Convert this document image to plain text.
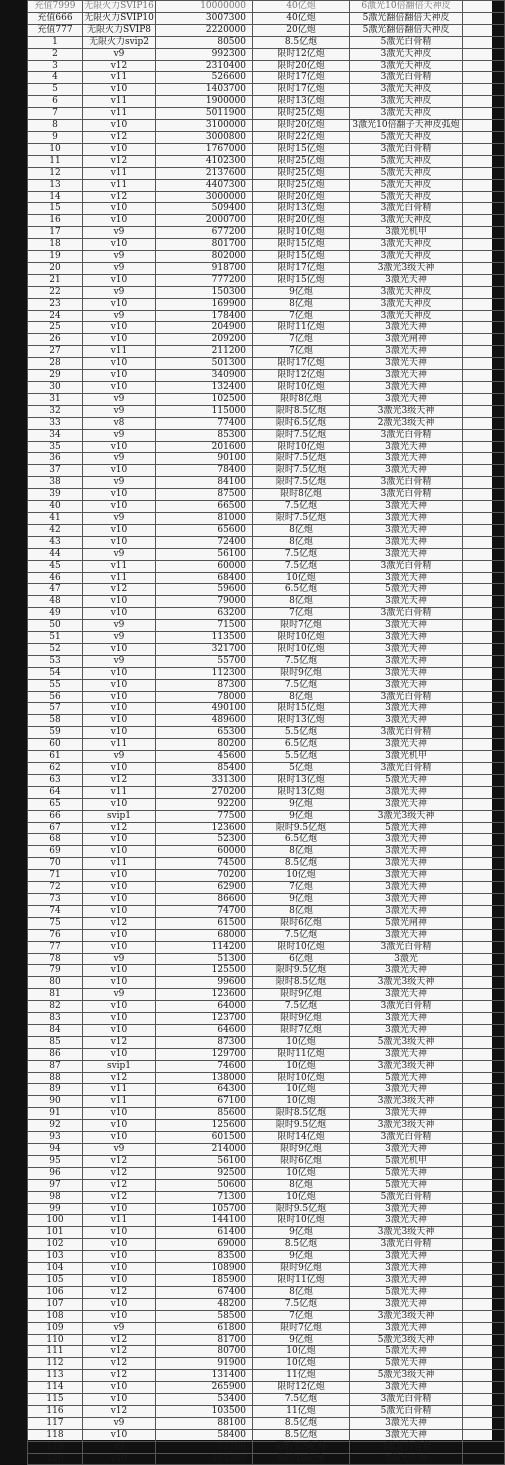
充值7999	无限火力SVIP16	10000000	40亿炮	6激光10倍翻倍天神皮	
充值666	无限火力SVIP10	3007300	40亿炮	5激光翻倍翻倍天神皮	
充值777	无限火力SVIP8	2220000	20亿炮	5激光翻倍翻倍天神皮	
1	无限火力svip2	80500	8.5亿炮	5激光白骨精	
2	v9	992300	限时12亿炮	3激光天神皮	
3	v12	2310400	限时20亿炮	3激光天神皮	
4	v11	526600	限时17亿炮	3激光白骨精	
5	v10	1403700	限时17亿炮	3激光天神皮	
6	v11	1900000	限时13亿炮	3激光天神皮	
7	v11	5011900	限时25亿炮	3激光天神皮	
8	v10	3100000	限时20亿炮	3激光10倍翻子天神皮弧炮	
9	v12	3000800	限时22亿炮	5激光天神皮	
10	v10	1767000	限时15亿炮	3激光白骨精	
11	v12	4102300	限时25亿炮	5激光天神皮	
12	v11	2137600	限时25亿炮	5激光天神皮	
13	v11	4407300	限时25亿炮	5激光天神皮	
14	v12	3000000	限时20亿炮	5激光天神皮	
15	v10	509400	限时13亿炮	3激光白骨精	
16	v10	2000700	限时20亿炮	3激光天神皮	
17	v9	677200	限时10亿炮	3激光机甲	
18	v10	801700	限时15亿炮	3激光天神皮	
19	v9	802000	限时15亿炮	3激光天神皮	
20	v9	918700	限时17亿炮	3激光3级天神	
21	v10	777200	限时15亿炮	3激光天神	
22	v9	150300	9亿炮	3激光天神皮	
23	v10	169900	8亿炮	3激光天神皮	
24	v9	178400	7亿炮	3激光天神皮	
25	v10	204900	限时11亿炮	3激光天神	
26	v10	209200	7亿炮	3激光闸神	
27	v11	211200	7亿炮	3激光天神	
28	v10	501300	限时17亿炮	3激光天神	
29	v10	340900	限时12亿炮	3激光天神	
30	v10	132400	限时10亿炮	3激光天神	
31	v9	102500	限时8亿炮	3激光天神	
32	v9	115000	限时8.5亿炮	3激光3级天神	
33	v8	77400	限时6.5亿炮	2激光3级天神	
34	v9	85300	限时7.5亿炮	3激光白骨精	
35	v10	201600	限时10亿炮	3激光天神	
36	v9	90100	限时7.5亿炮	3激光天神	
37	v10	78400	限时7.5亿炮	3激光天神	
38	v9	84100	限时7.5亿炮	3激光白骨精	
39	v10	87500	限时8亿炮	3激光白骨精	
40	v10	66500	7.5亿炮	3激光天神	
41	v9	81000	限时7.5亿炮	3激光天神	
42	v10	65600	8亿炮	3激光天神	
43	v10	72400	8亿炮	3激光天神	
44	v9	56100	7.5亿炮	3激光天神	
45	v11	60000	7.5亿炮	3激光白骨精	
46	v11	68400	10亿炮	3激光天神	
47	v12	59600	6.5亿炮	5激光天神	
48	v10	79000	8亿炮	3激光天神	
49	v10	63200	7亿炮	3激光白骨精	
50	v9	71500	限时7亿炮	3激光天神	
51	v9	113500	限时10亿炮	3激光天神	
52	v10	321700	限时10亿炮	3激光天神	
53	v9	55700	7.5亿炮	3激光天神	
54	v10	112300	限时9亿炮	3激光天神	
55	v10	87300	7.5亿炮	3激光天神	
56	v10	78000	8亿炮	3激光白骨精	
57	v10	490100	限时15亿炮	3激光天神	
58	v10	489600	限时13亿炮	3激光天神	
59	v10	65300	5.5亿炮	3激光白骨精	
60	v11	80200	6.5亿炮	3激光天神	
61	v9	45600	5.5亿炮	3激光机甲	
62	v10	85400	5亿炮	3激光白骨精	
63	v12	331300	限时13亿炮	5激光天神	
64	v11	270200	限时13亿炮	3激光天神	
65	v10	92200	9亿炮	3激光天神	
66	svip1	77500	9亿炮	3激光3级天神	
67	v12	123600	限时9.5亿炮	5激光天神	
68	v10	52300	6.5亿炮	3激光天神	
69	v10	60000	8亿炮	3激光天神	
70	v11	74500	8.5亿炮	3激光天神	
71	v10	70200	10亿炮	3激光天神	
72	v10	62900	7亿炮	3激光天神	
73	v10	86600	9亿炮	3激光天神	
74	v10	74700	8亿炮	3激光天神	
75	v12	61500	限时6亿炮	5激光闸神	
76	v10	68000	7.5亿炮	3激光天神	
77	v10	114200	限时10亿炮	3激光白骨精	
78	v9	51300	6亿炮	3激光	
79	v10	125500	限时9.5亿炮	3激光天神	
80	v10	99600	限时8.5亿炮	3激光3级天神	
81	v9	123600	限时9亿炮	3激光天神	
82	v10	64000	7.5亿炮	3激光白骨精	
83	v10	123700	限时9亿炮	3激光天神	
84	v10	64600	限时7亿炮	3激光天神	
85	v12	87300	10亿炮	5激光3级天神	
86	v10	129700	限时11亿炮	3激光天神	
87	svip1	74600	10亿炮	3激光3级天神	
88	v12	138000	限时10亿炮	5激光天神	
89	v11	64300	10亿炮	3激光天神	
90	v11	67100	10亿炮	3激光3级天神	
91	v10	85600	限时8.5亿炮	3激光天神	
92	v10	125600	限时9.5亿炮	3激光3级天神	
93	v10	601500	限时14亿炮	3激光白骨精	
94	v9	214000	限时9亿炮	3激光天神	
95	v12	56100	限时6亿炮	5激光机甲	
96	v12	92500	10亿炮	5激光天神	
97	v12	50600	8亿炮	5激光天神	
98	v12	71300	10亿炮	5激光白骨精	
99	v10	105700	限时9.5亿炮	3激光天神	
100	v11	144100	限时10亿炮	3激光天神	
101	v10	61400	9亿炮	3激光3级天神	
102	v10	69000	8.5亿炮	3激光白骨精	
103	v10	83500	9亿炮	3激光天神	
104	v10	108900	限时9亿炮	3激光天神	
105	v10	185900	限时11亿炮	3激光天神	
106	v12	67400	8亿炮	5激光天神	
107	v10	48200	7.5亿炮	3激光天神	
108	v10	58500	7亿炮	3激光3级天神	
109	v9	61800	限时7亿炮	3激光天神	
110	v12	81700	9亿炮	5激光3级天神	
111	v12	80700	10亿炮	5激光天神	
112	v12	91900	10亿炮	5激光天神	
113	v12	131400	11亿炮	5激光3级天神	
114	v10	265900	限时12亿炮	3激光天神	
115	v10	53400	7.5亿炮	3激光白骨精	
116	v12	103500	11亿炮	5激光白骨精	
117	v9	88100	8.5亿炮	3激光天神	
118	v10	58400	8.5亿炮	3激光天神	
119	v9	73700	限时7.5亿炮	3激光白骨精	
120	v10	191300	限时10亿炮	3激光天神	
